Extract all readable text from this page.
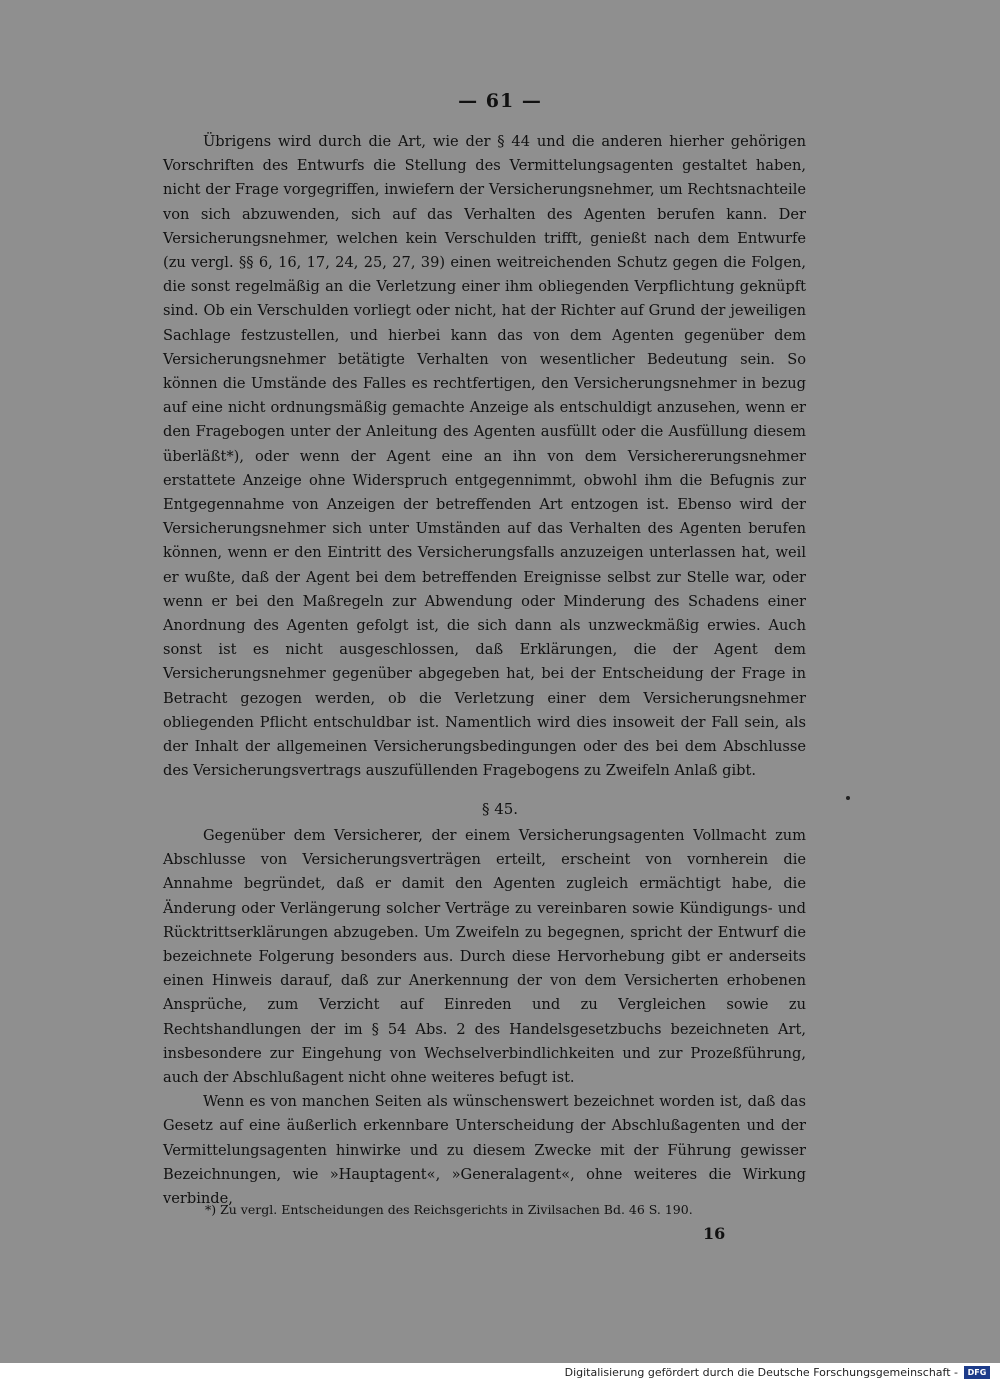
— 61 —

Übrigens wird durch die Art, wie der § 44 und die anderen hierher gehörigen Vorschriften des Entwurfs die Stellung des Vermittelungsagenten gestaltet haben, nicht der Frage vorgegriffen, inwiefern der Versicherungsnehmer, um Rechtsnachteile von sich abzuwenden, sich auf das Verhalten des Agenten berufen kann. Der Versicherungsnehmer, welchen kein Verschulden trifft, genießt nach dem Entwurfe (zu vergl. §§ 6, 16, 17, 24, 25, 27, 39) einen weitreichenden Schutz gegen die Folgen, die sonst regelmäßig an die Verletzung einer ihm obliegenden Verpflichtung geknüpft sind. Ob ein Verschulden vorliegt oder nicht, hat der Richter auf Grund der jeweiligen Sachlage festzustellen, und hierbei kann das von dem Agenten gegenüber dem Versicherungsnehmer betätigte Verhalten von wesentlicher Bedeutung sein. So können die Umstände des Falles es rechtfertigen, den Versicherungsnehmer in bezug auf eine nicht ordnungsmäßig gemachte Anzeige als entschuldigt anzusehen, wenn er den Fragebogen unter der Anleitung des Agenten ausfüllt oder die Ausfüllung diesem überläßt*), oder wenn der Agent eine an ihn von dem Versichererungsnehmer erstattete Anzeige ohne Widerspruch entgegennimmt, obwohl ihm die Befugnis zur Entgegennahme von Anzeigen der betreffenden Art entzogen ist. Ebenso wird der Versicherungsnehmer sich unter Umständen auf das Verhalten des Agenten berufen können, wenn er den Eintritt des Versicherungsfalls anzuzeigen unterlassen hat, weil er wußte, daß der Agent bei dem betreffenden Ereignisse selbst zur Stelle war, oder wenn er bei den Maßregeln zur Abwendung oder Minderung des Schadens einer Anordnung des Agenten gefolgt ist, die sich dann als unzweckmäßig erwies. Auch sonst ist es nicht ausgeschlossen, daß Erklärungen, die der Agent dem Versicherungsnehmer gegenüber abgegeben hat, bei der Entscheidung der Frage in Betracht gezogen werden, ob die Verletzung einer dem Versicherungsnehmer obliegenden Pflicht entschuldbar ist. Namentlich wird dies insoweit der Fall sein, als der Inhalt der allgemeinen Versicherungsbedingungen oder des bei dem Abschlusse des Versicherungsvertrags auszufüllenden Fragebogens zu Zweifeln Anlaß gibt.

§ 45.

Gegenüber dem Versicherer, der einem Versicherungsagenten Vollmacht zum Abschlusse von Versicherungsverträgen erteilt, erscheint von vornherein die Annahme begründet, daß er damit den Agenten zugleich ermächtigt habe, die Änderung oder Verlängerung solcher Verträge zu vereinbaren sowie Kündigungs- und Rücktrittserklärungen abzugeben. Um Zweifeln zu begegnen, spricht der Entwurf die bezeichnete Folgerung besonders aus. Durch diese Hervorhebung gibt er anderseits einen Hinweis darauf, daß zur Anerkennung der von dem Versicherten erhobenen Ansprüche, zum Verzicht auf Einreden und zu Vergleichen sowie zu Rechtshandlungen der im § 54 Abs. 2 des Handelsgesetzbuchs bezeichneten Art, insbesondere zur Eingehung von Wechselverbindlichkeiten und zur Prozeßführung, auch der Abschlußagent nicht ohne weiteres befugt ist.

Wenn es von manchen Seiten als wünschenswert bezeichnet worden ist, daß das Gesetz auf eine äußerlich erkennbare Unterscheidung der Abschlußagenten und der Vermittelungsagenten hinwirke und zu diesem Zwecke mit der Führung gewisser Bezeichnungen, wie »Hauptagent«, »Generalagent«, ohne weiteres die Wirkung verbinde,

*) Zu vergl. Entscheidungen des Reichsgerichts in Zivilsachen Bd. 46 S. 190.
16
Digitalisierung gefördert durch die Deutsche Forschungsgemeinschaft -	DFG
